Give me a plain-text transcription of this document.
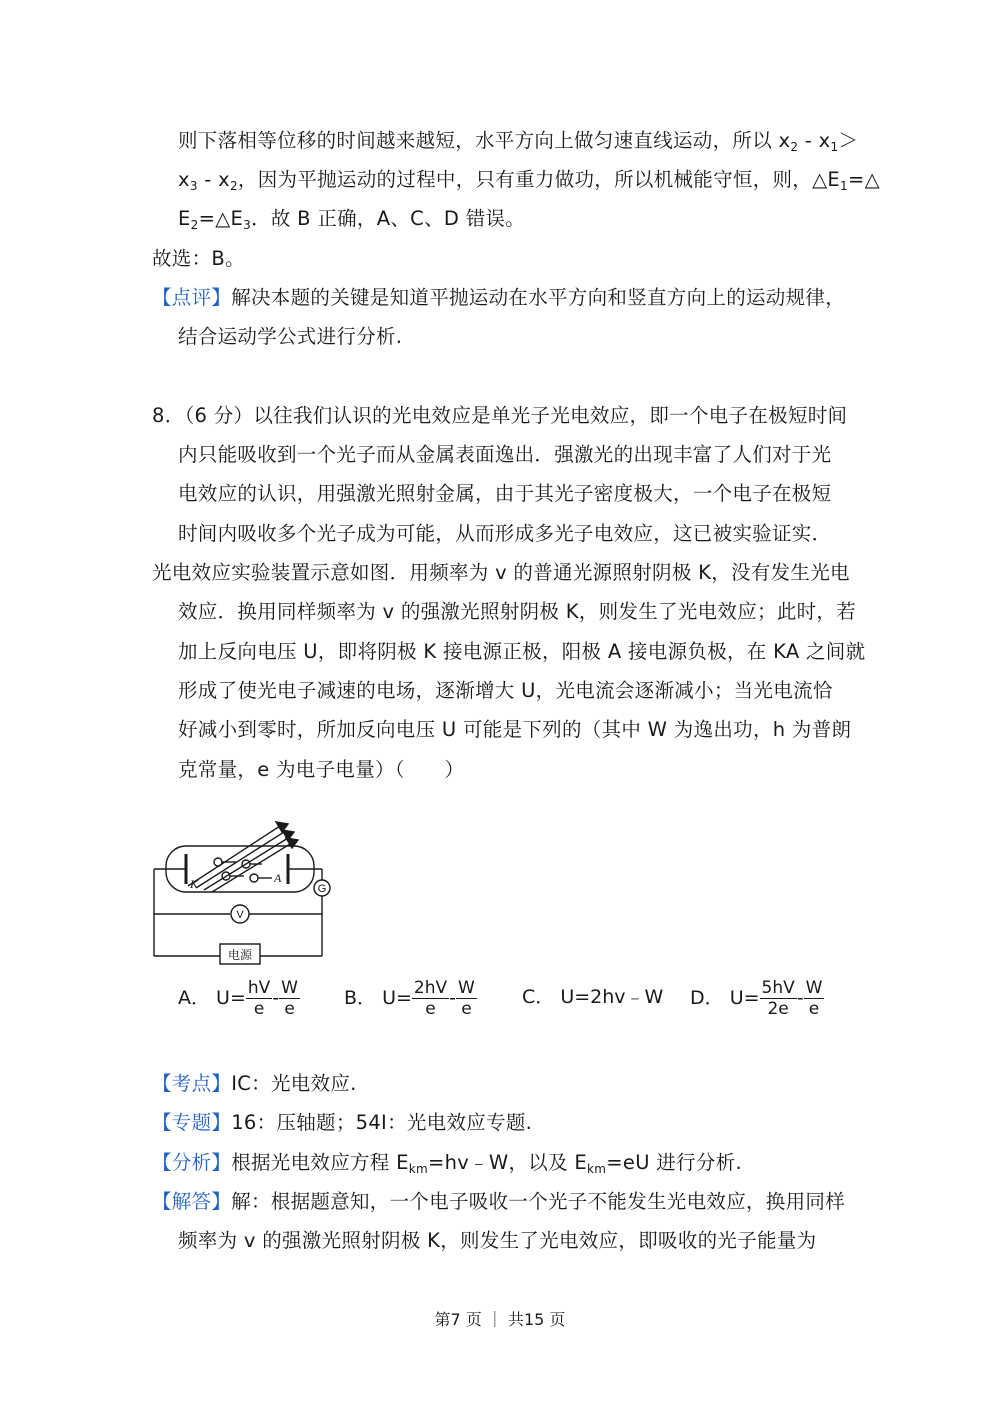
则下落相等位移的时间越来越短，水平方向上做匀速直线运动，所以 $x_2$ ‑ $x_1>$
$x_3$ ‑ $x_2$，因为平抛运动的过程中，只有重力做功，所以机械能守恒，则，$\triangle E_1=\triangle$
$E_2=\triangle E_3$．故 B 正确，A、C、D 错误。
故选：B。
【点评】解决本题的关键是知道平抛运动在水平方向和竖直方向上的运动规律，
结合运动学公式进行分析.
8．（6 分）以往我们认识的光电效应是单光子光电效应，即一个电子在极短时间
内只能吸收到一个光子而从金属表面逸出．强激光的出现丰富了人们对于光
电效应的认识，用强激光照射金属，由于其光子密度极大，一个电子在极短
时间内吸收多个光子成为可能，从而形成多光子电效应，这已被实验证实．
光电效应实验装置示意如图．用频率为 v 的普通光源照射阴极 K，没有发生光电
效应．换用同样频率为 v 的强激光照射阴极 K，则发生了光电效应；此时，若
加上反向电压 U，即将阴极 K 接电源正极，阳极 A 接电源负极，在 KA 之间就
形成了使光电子减速的电场，逐渐增大 U，光电流会逐渐减小；当光电流恰
好减小到零时，所加反向电压 U 可能是下列的（其中 W 为逸出功，h 为普朗
克常量，e 为电子电量）（　　）
K	A
G
V
电源
A． $U= \frac{hV}{e} - \frac{W}{e}$ B． $U= \frac{2hV}{e} - \frac{W}{e}$ C． U=2hv﹣W D． $U= \frac{5hV}{2e} - \frac{W}{e}$
【考点】IC：光电效应.
【专题】16：压轴题；54I：光电效应专题.
【分析】根据光电效应方程 $E_{km}=hv﹣W$，以及 $E_{km}=eU$ 进行分析.
【解答】解：根据题意知，一个电子吸收一个光子不能发生光电效应，换用同样
频率为 v 的强激光照射阴极 K，则发生了光电效应，即吸收的光子能量为
第7 页 ｜ 共15 页
